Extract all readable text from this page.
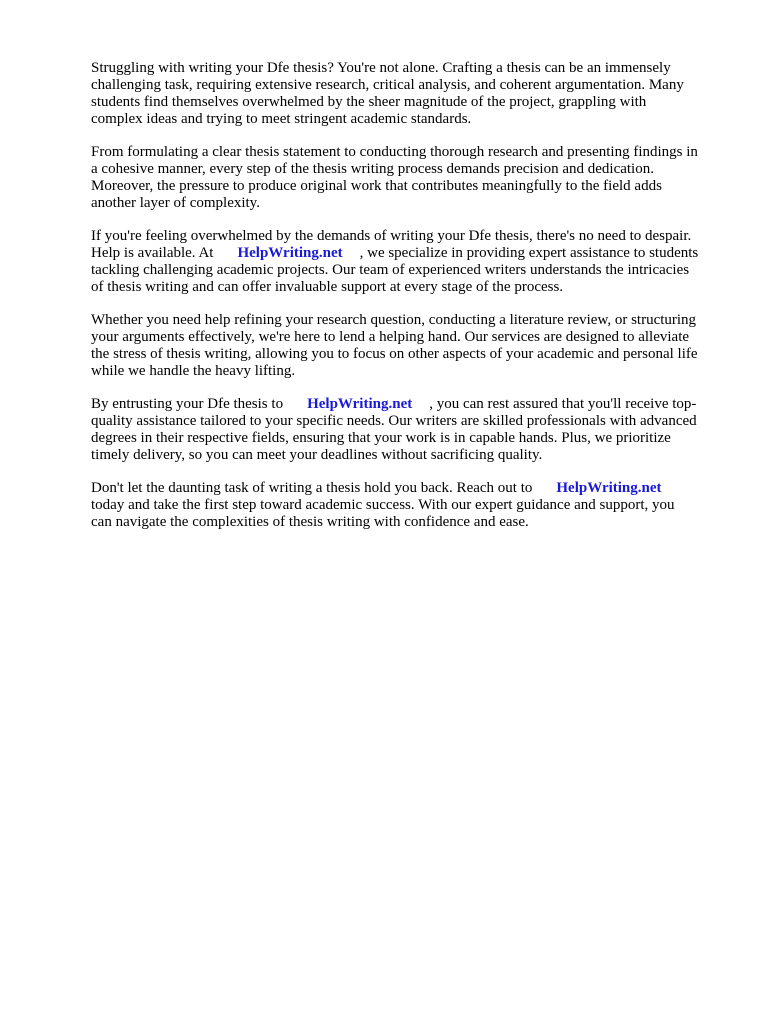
Struggling with writing your Dfe thesis? You're not alone. Crafting a thesis can be an immensely
challenging task, requiring extensive research, critical analysis, and coherent argumentation. Many
students find themselves overwhelmed by the sheer magnitude of the project, grappling with
complex ideas and trying to meet stringent academic standards.

From formulating a clear thesis statement to conducting thorough research and presenting findings in
a cohesive manner, every step of the thesis writing process demands precision and dedication.
Moreover, the pressure to produce original work that contributes meaningfully to the field adds
another layer of complexity.

If you're feeling overwhelmed by the demands of writing your Dfe thesis, there's no need to despair.
Help is available. At HelpWriting.net , we specialize in providing expert assistance to students
tackling challenging academic projects. Our team of experienced writers understands the intricacies
of thesis writing and can offer invaluable support at every stage of the process.

Whether you need help refining your research question, conducting a literature review, or structuring
your arguments effectively, we're here to lend a helping hand. Our services are designed to alleviate
the stress of thesis writing, allowing you to focus on other aspects of your academic and personal life
while we handle the heavy lifting.

By entrusting your Dfe thesis to HelpWriting.net , you can rest assured that you'll receive top-
quality assistance tailored to your specific needs. Our writers are skilled professionals with advanced
degrees in their respective fields, ensuring that your work is in capable hands. Plus, we prioritize
timely delivery, so you can meet your deadlines without sacrificing quality.

Don't let the daunting task of writing a thesis hold you back. Reach out to HelpWriting.net
today and take the first step toward academic success. With our expert guidance and support, you
can navigate the complexities of thesis writing with confidence and ease.
